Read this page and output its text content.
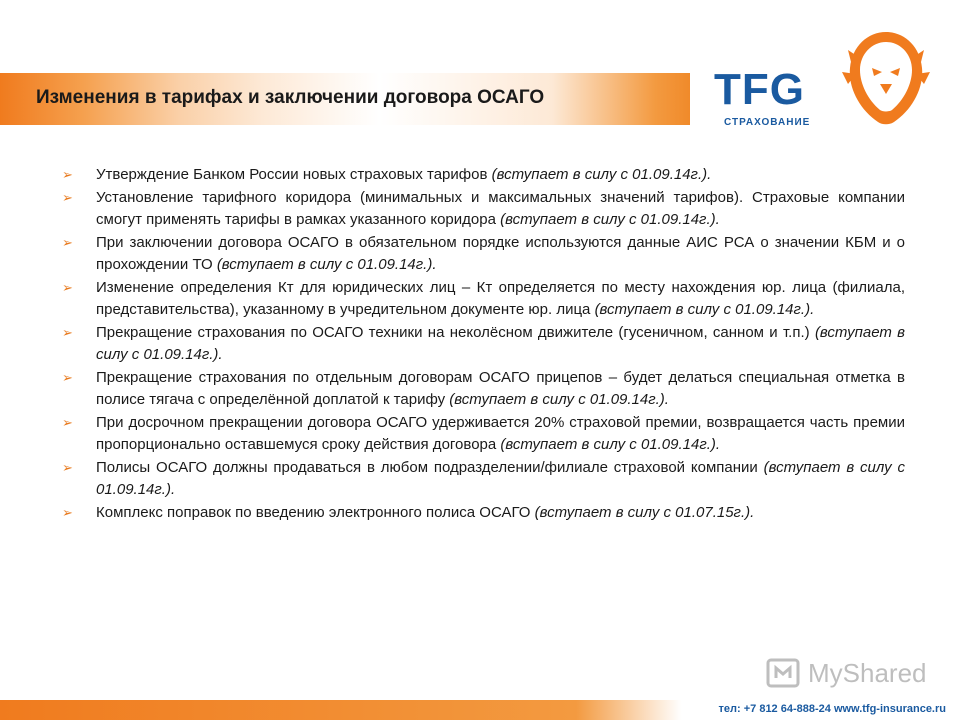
Изменения в тарифах и заключении договора ОСАГО	TFG
СТРАХОВАНИЕ
➢ Утверждение Банком России новых страховых тарифов (вступает в силу с 01.09.14г.).
➢ Установление тарифного коридора (минимальных и максимальных значений тарифов). Страховые компании смогут применять тарифы в рамках указанного коридора (вступает в силу с 01.09.14г.).
➢ При заключении договора ОСАГО в обязательном порядке используются данные АИС РСА о значении КБМ и о прохождении ТО (вступает в силу с 01.09.14г.).
➢ Изменение определения Кт для юридических лиц – Кт определяется по месту нахождения юр. лица (филиала, представительства), указанному в учредительном документе юр. лица (вступает в силу с 01.09.14г.).
➢ Прекращение страхования по ОСАГО техники на неколёсном движителе (гусеничном, санном и т.п.) (вступает в силу с 01.09.14г.).
➢ Прекращение страхования по отдельным договорам ОСАГО прицепов – будет делаться специальная отметка в полисе тягача с определённой доплатой к тарифу (вступает в силу с 01.09.14г.).
➢ При досрочном прекращении договора ОСАГО удерживается 20% страховой премии, возвращается часть премии пропорционально оставшемуся сроку действия договора (вступает в силу с 01.09.14г.).
➢ Полисы ОСАГО должны продаваться в любом подразделении/филиале страховой компании (вступает в силу с 01.09.14г.).
➢ Комплекс поправок по введению электронного полиса ОСАГО (вступает в силу с 01.07.15г.).
MyShared
тел: +7 812 64-888-24 www.tfg-insurance.ru
